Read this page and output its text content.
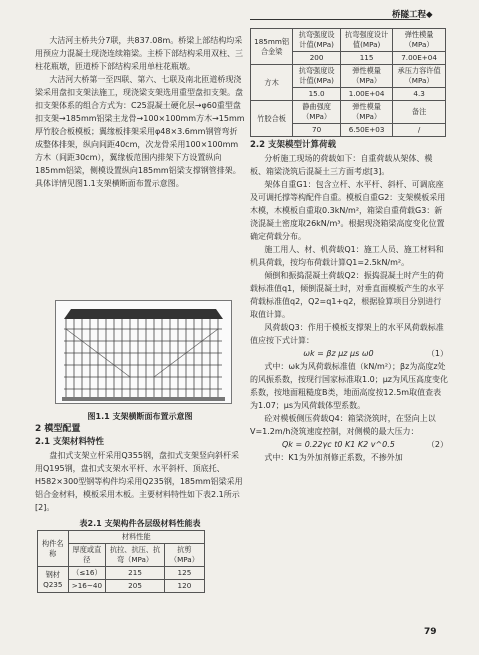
桥隧工程◆

大洁河主桥共分7联，共837.08m。桥梁上部结构均采用预应力混凝土现浇连续箱梁。主桥下部结构采用双柱、三柱花瓶墩，匝道桥下部结构采用单柱花瓶墩。

大洁河大桥第一至四联、第六、七联及南北匝道桥现浇梁采用盘扣支架法施工，现浇梁支架选用重型盘扣支架。盘扣支架体系的组合方式为：C25混凝土硬化层→φ60重型盘扣支架→185mm铝梁主龙骨→100×100mm方木→15mm厚竹胶合板模板；翼缘板排架采用φ48×3.6mm钢管弯折成整体排架，纵向间距40cm，次龙骨采用100×100mm方木（间距30cm），翼缘板范围内排架下方设置纵向185mm铝梁，侧模设置纵向185mm铝梁支撑钢管排架。具体详情见图1.1支架横断面布置示意图。

图1.1 支架横断面布置示意图
2 模型配置
2.1 支架材料特性

盘扣式支架立杆采用Q355钢，盘扣式支架竖向斜杆采用Q195钢，盘扣式支架水平杆、水平斜杆、顶底托、H582×300型钢等构件均采用Q235钢，185mm铝梁采用铝合金材料，模板采用木板。主要材料特性如下表2.1所示[2]。

表2.1 支架构件各层级材料性能表
构件名称	材料性能		
	厚度或直径	抗拉、抗压、抗弯（MPa）	抗剪（MPa）
钢材Q235	（≤16）	215	125
	>16~40	205	120
185mm铝合金梁	抗弯强度设计值(MPa)	抗弯强度设计值(MPa)	弹性模量（MPa）
	200	115	7.00E+04
方木	抗弯强度设计值(MPa)	弹性模量（MPa）	承压力容许值（MPa）
	15.0	1.00E+04	4.3
竹胶合板	静曲强度（MPa）	弹性模量（MPa）	备注
	70	6.50E+03	/
2.2 支架模型计算荷载

分析施工现场的荷载如下：自重荷载从架体、模板、箱梁浇筑后混凝土三方面考虑[3]。

架体自重G1：包含立杆、水平杆、斜杆、可调底座及可调托撑等构配件自重。模板自重G2：支架模板采用木模，木模板自重取0.3kN/m²，箱梁自重荷载G3：新浇混凝土密度取26kN/m³。根据现浇箱梁高度变化位置确定荷载分布。

施工用人、材、机荷载Q1：施工人员、施工材料和机具荷载，按均布荷载计算Q1=2.5kN/m²。

倾倒和振捣混凝土荷载Q2：振捣混凝土时产生的荷载标准值q1，倾倒混凝土时，对垂直面模板产生的水平荷载标准值q2，Q2=q1+q2，根据验算项目分别进行取值计算。

风荷载Q3：作用于模板支撑架上的水平风荷载标准值应按下式计算：

ωk = βz μz μs ω0	（1）

式中：ωk为风荷载标准值（kN/m²）；βz为高度z处的风振系数，按现行国家标准取1.0；μz为风压高度变化系数，按地面粗糙度B类，地面高度按12.5m取值查表为1.07；μs为风荷载体型系数。

砼对模板侧压荷载Q4：箱梁浇筑时，在竖向上以V=1.2m/h浇筑速度控制，对侧模的最大压力：

Qk = 0.22γc t0 K1 K2 v^0.5	（2）

式中：K1为外加剂修正系数，不掺外加

79
